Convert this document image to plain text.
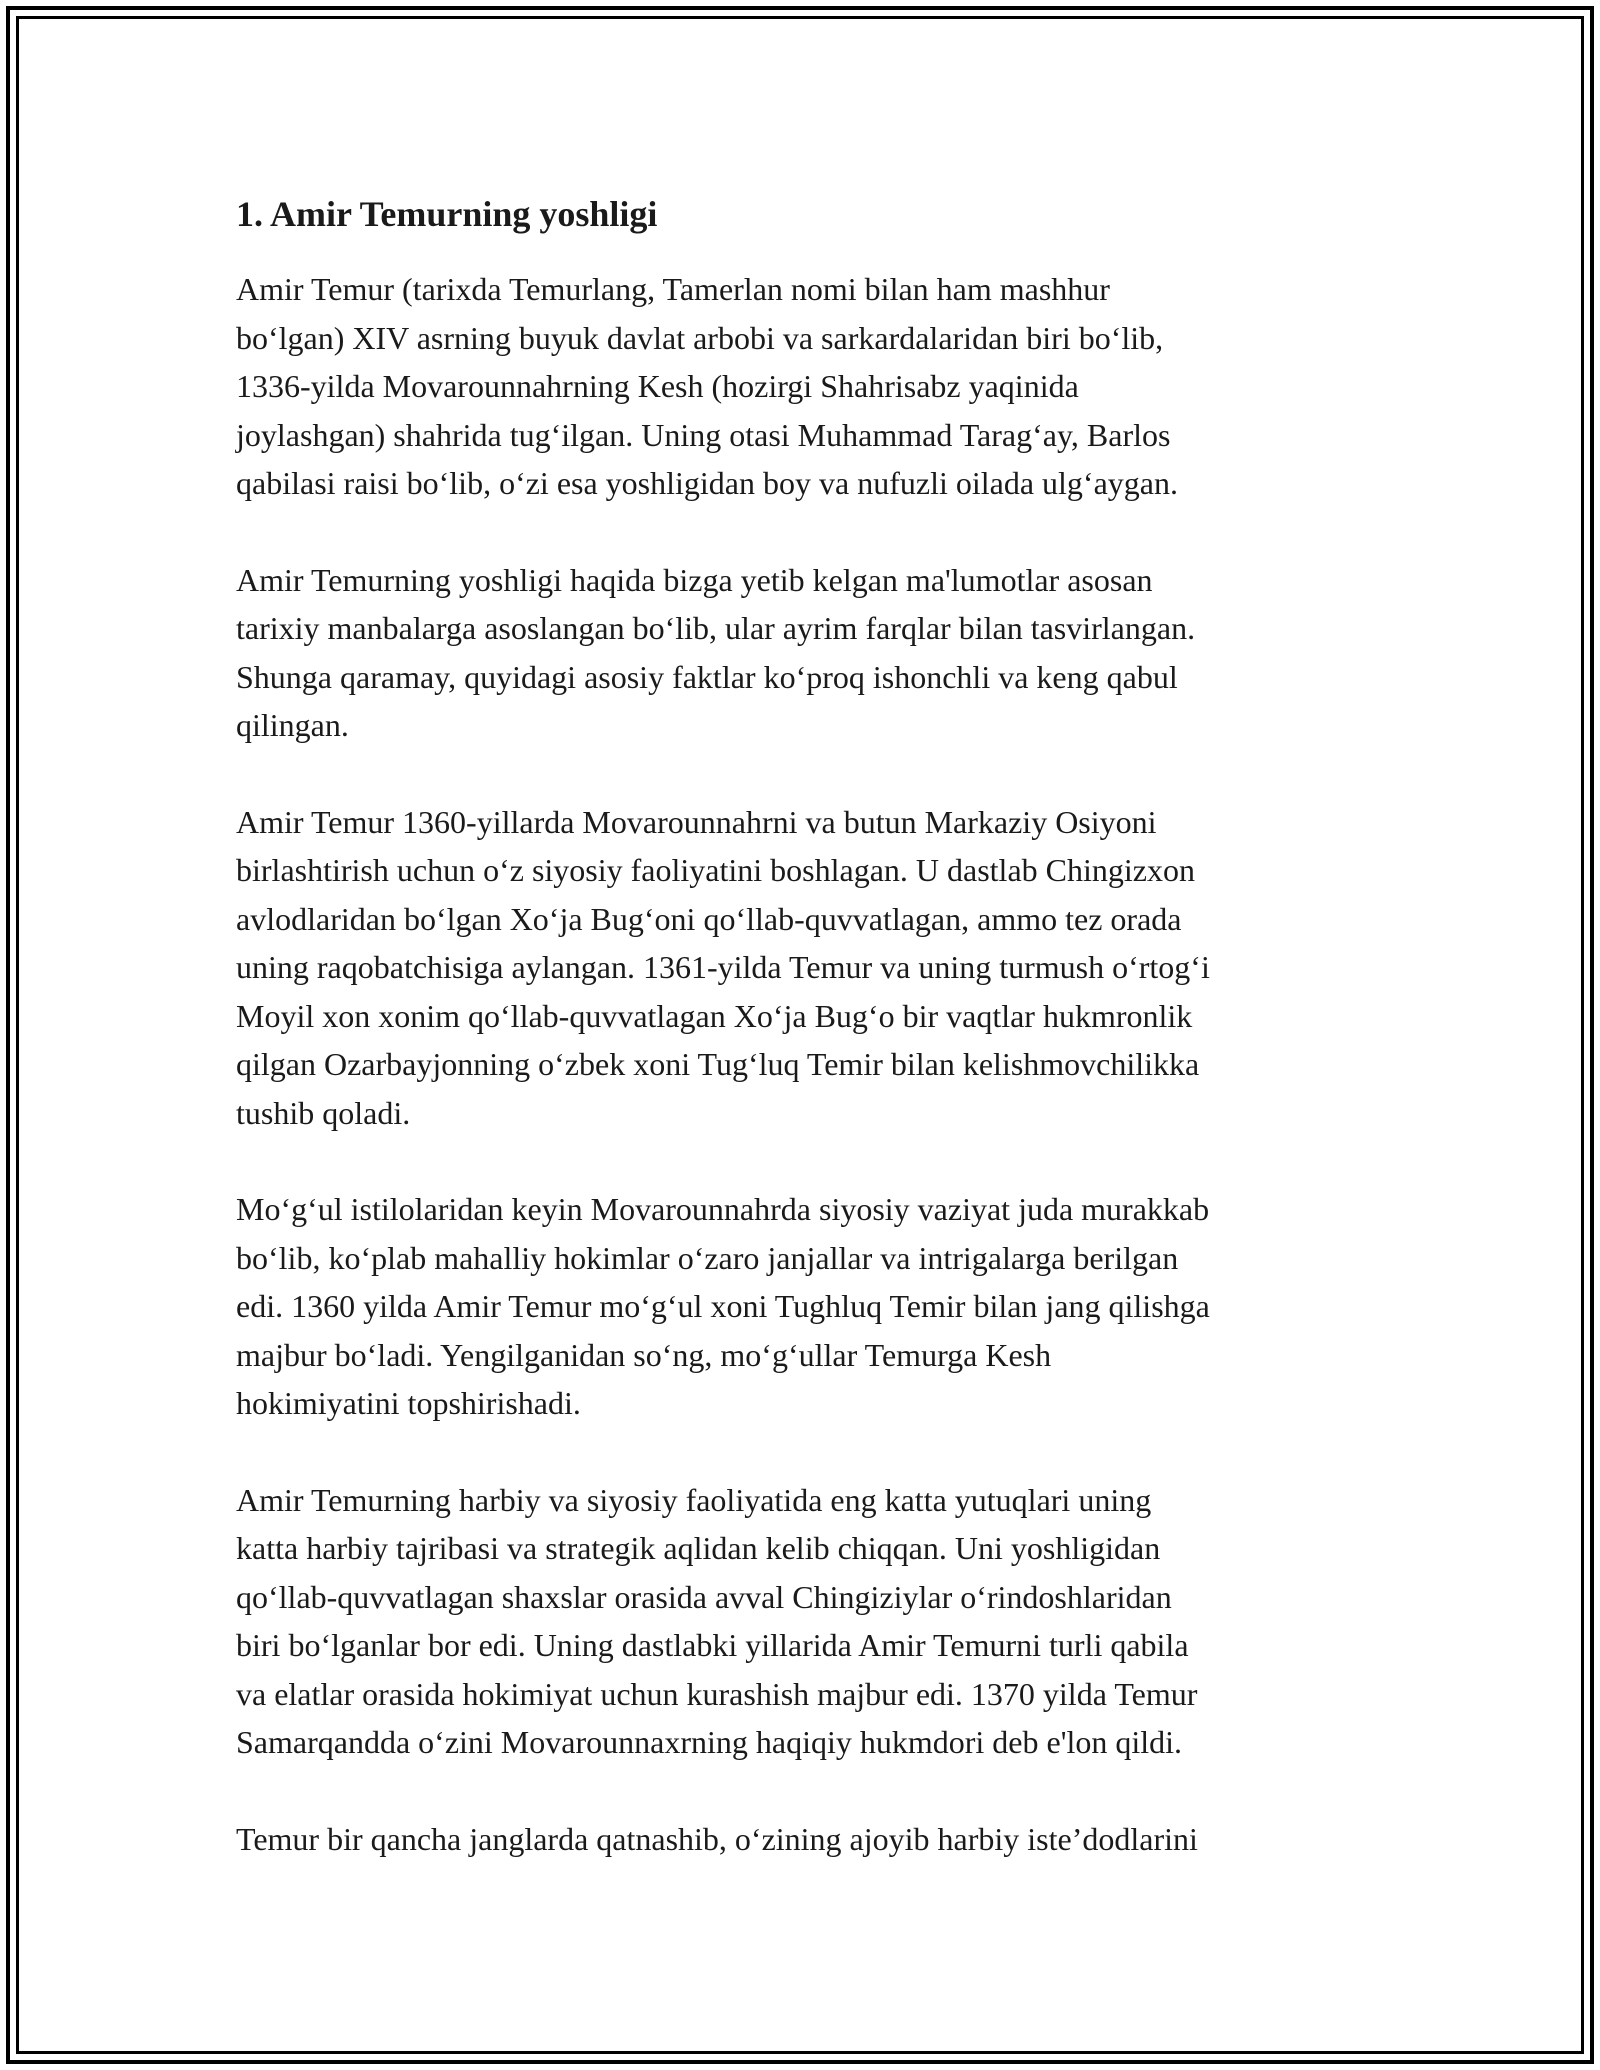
1. Amir Temurning yoshligi

Amir Temur (tarixda Temurlang, Tamerlan nomi bilan ham mashhur
bo‘lgan) XIV asrning buyuk davlat arbobi va sarkardalaridan biri bo‘lib,
1336-yilda Movarounnahrning Kesh (hozirgi Shahrisabz yaqinida
joylashgan) shahrida tug‘ilgan. Uning otasi Muhammad Tarag‘ay, Barlos
qabilasi raisi bo‘lib, o‘zi esa yoshligidan boy va nufuzli oilada ulg‘aygan.

Amir Temurning yoshligi haqida bizga yetib kelgan ma'lumotlar asosan
tarixiy manbalarga asoslangan bo‘lib, ular ayrim farqlar bilan tasvirlangan.
Shunga qaramay, quyidagi asosiy faktlar ko‘proq ishonchli va keng qabul
qilingan.

Amir Temur 1360-yillarda Movarounnahrni va butun Markaziy Osiyoni
birlashtirish uchun o‘z siyosiy faoliyatini boshlagan. U dastlab Chingizxon
avlodlaridan bo‘lgan Xo‘ja Bug‘oni qo‘llab-quvvatlagan, ammo tez orada
uning raqobatchisiga aylangan. 1361-yilda Temur va uning turmush o‘rtog‘i
Moyil xon xonim qo‘llab-quvvatlagan Xo‘ja Bug‘o bir vaqtlar hukmronlik
qilgan Ozarbayjonning o‘zbek xoni Tug‘luq Temir bilan kelishmovchilikka
tushib qoladi.

Mo‘g‘ul istilolaridan keyin Movarounnahrda siyosiy vaziyat juda murakkab
bo‘lib, ko‘plab mahalliy hokimlar o‘zaro janjallar va intrigalarga berilgan
edi. 1360 yilda Amir Temur mo‘g‘ul xoni Tughluq Temir bilan jang qilishga
majbur bo‘ladi. Yengilganidan so‘ng, mo‘g‘ullar Temurga Kesh
hokimiyatini topshirishadi.

Amir Temurning harbiy va siyosiy faoliyatida eng katta yutuqlari uning
katta harbiy tajribasi va strategik aqlidan kelib chiqqan. Uni yoshligidan
qo‘llab-quvvatlagan shaxslar orasida avval Chingiziylar o‘rindoshlaridan
biri bo‘lganlar bor edi. Uning dastlabki yillarida Amir Temurni turli qabila
va elatlar orasida hokimiyat uchun kurashish majbur edi. 1370 yilda Temur
Samarqandda o‘zini Movarounnaxrning haqiqiy hukmdori deb e'lon qildi.

Temur bir qancha janglarda qatnashib, o‘zining ajoyib harbiy iste’dodlarini
